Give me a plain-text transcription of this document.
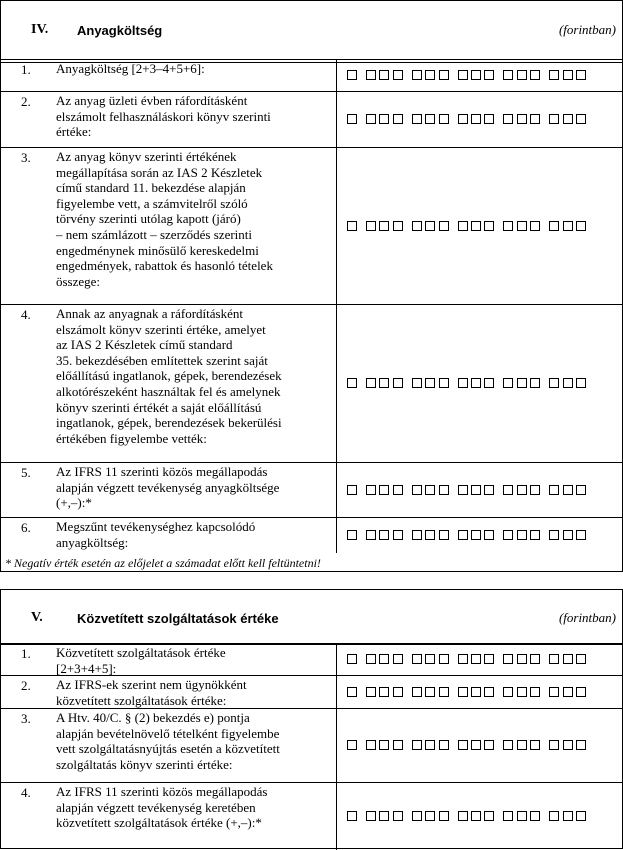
IV. Anyagköltség	(forintban)
1. Anyagköltség [2+3–4+5+6]:
2. Az anyag üzleti évben ráfordításként
elszámolt felhasználáskori könyv szerinti
értéke:
3. Az anyag könyv szerinti értékének
megállapítása során az IAS 2 Készletek
című standard 11. bekezdése alapján
figyelembe vett, a számvitelről szóló
törvény szerinti utólag kapott (járó)
– nem számlázott – szerződés szerinti
engedménynek minősülő kereskedelmi
engedmények, rabattok és hasonló tételek
összege:
4. Annak az anyagnak a ráfordításként
elszámolt könyv szerinti értéke, amelyet
az IAS 2 Készletek című standard
35. bekezdésében említettek szerint saját
előállítású ingatlanok, gépek, berendezések
alkotórészeként használtak fel és amelynek
könyv szerinti értékét a saját előállítású
ingatlanok, gépek, berendezések bekerülési
értékében figyelembe vették:
5. Az IFRS 11 szerinti közös megállapodás
alapján végzett tevékenység anyagköltsége
(+,–):*
6. Megszűnt tevékenységhez kapcsolódó
anyagköltség:
* Negatív érték esetén az előjelet a számadat előtt kell feltüntetni!
V.	Közvetített szolgáltatások értéke	(forintban)
1. Közvetített szolgáltatások értéke
[2+3+4+5]:
2. Az IFRS-ek szerint nem ügynökként
közvetített szolgáltatások értéke:
3. A Htv. 40/C. § (2) bekezdés e) pontja
alapján bevételnövelő tételként figyelembe
vett szolgáltatásnyújtás esetén a közvetített
szolgáltatás könyv szerinti értéke:
4. Az IFRS 11 szerinti közös megállapodás
alapján végzett tevékenység keretében
közvetített szolgáltatások értéke (+,–):*
